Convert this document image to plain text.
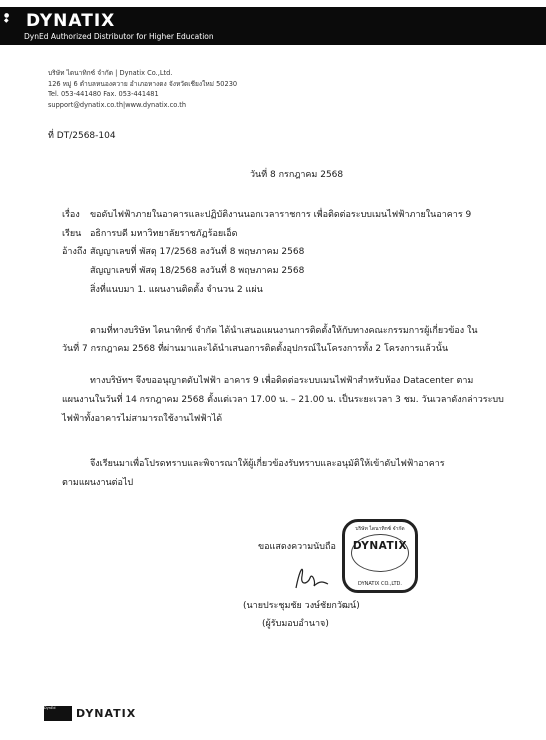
●
◆ DYNATIX
DynEd Authorized Distributor for Higher Education
บริษัท ไดนาทิกซ์ จำกัด | Dynatix Co.,Ltd.
126 หมู่ 6 ตำบลหนองควาย อำเภอหางดง จังหวัดเชียงใหม่ 50230
Tel. 053-441480 Fax. 053-441481
support@dynatix.co.th|www.dynatix.co.th
ที่ DT/2568-104
วันที่ 8 กรกฎาคม 2568
เรื่อง ขอดับไฟฟ้าภายในอาคารและปฏิบัติงานนอกเวลาราชการ เพื่อติดต่อระบบเมนไฟฟ้าภายในอาคาร 9
เรียน อธิการบดี มหาวิทยาลัยราชภัฏร้อยเอ็ด
อ้างถึง สัญญาเลขที่ พัสดุ 17/2568 ลงวันที่ 8 พฤษภาคม 2568
สัญญาเลขที่ พัสดุ 18/2568 ลงวันที่ 8 พฤษภาคม 2568
สิ่งที่แนบมา 1. แผนงานติดตั้ง จำนวน 2 แผ่น
ตามที่ทางบริษัท ไดนาทิกซ์ จำกัด ได้นำเสนอแผนงานการติดตั้งให้กับทางคณะกรรมการผู้เกี่ยวข้อง ใน
วันที่ 7 กรกฎาคม 2568 ที่ผ่านมาและได้นำเสนอการติดตั้งอุปกรณ์ในโครงการทั้ง 2 โครงการแล้วนั้น
ทางบริษัทฯ จึงขออนุญาตดับไฟฟ้า อาคาร 9 เพื่อติดต่อระบบเมนไฟฟ้าสำหรับห้อง Datacenter ตาม
แผนงานในวันที่ 14 กรกฎาคม 2568 ตั้งแต่เวลา 17.00 น. – 21.00 น. เป็นระยะเวลา 3 ชม. วันเวลาดังกล่าวระบบ
ไฟฟ้าทั้งอาคารไม่สามารถใช้งานไฟฟ้าได้
จึงเรียนมาเพื่อโปรดทราบและพิจารณาให้ผู้เกี่ยวข้องรับทราบและอนุมัติให้เข้าดับไฟฟ้าอาคาร
ตามแผนงานต่อไป
ขอแสดงความนับถือ
บริษัท ไดนาทิกซ์ จำกัด
DYNATIX
DYNATIX CO.,LTD.
(นายประชุมชัย วงษ์ชัยกวัฒน์)
(ผู้รับมอบอำนาจ)
DynEd	DYNATIX
